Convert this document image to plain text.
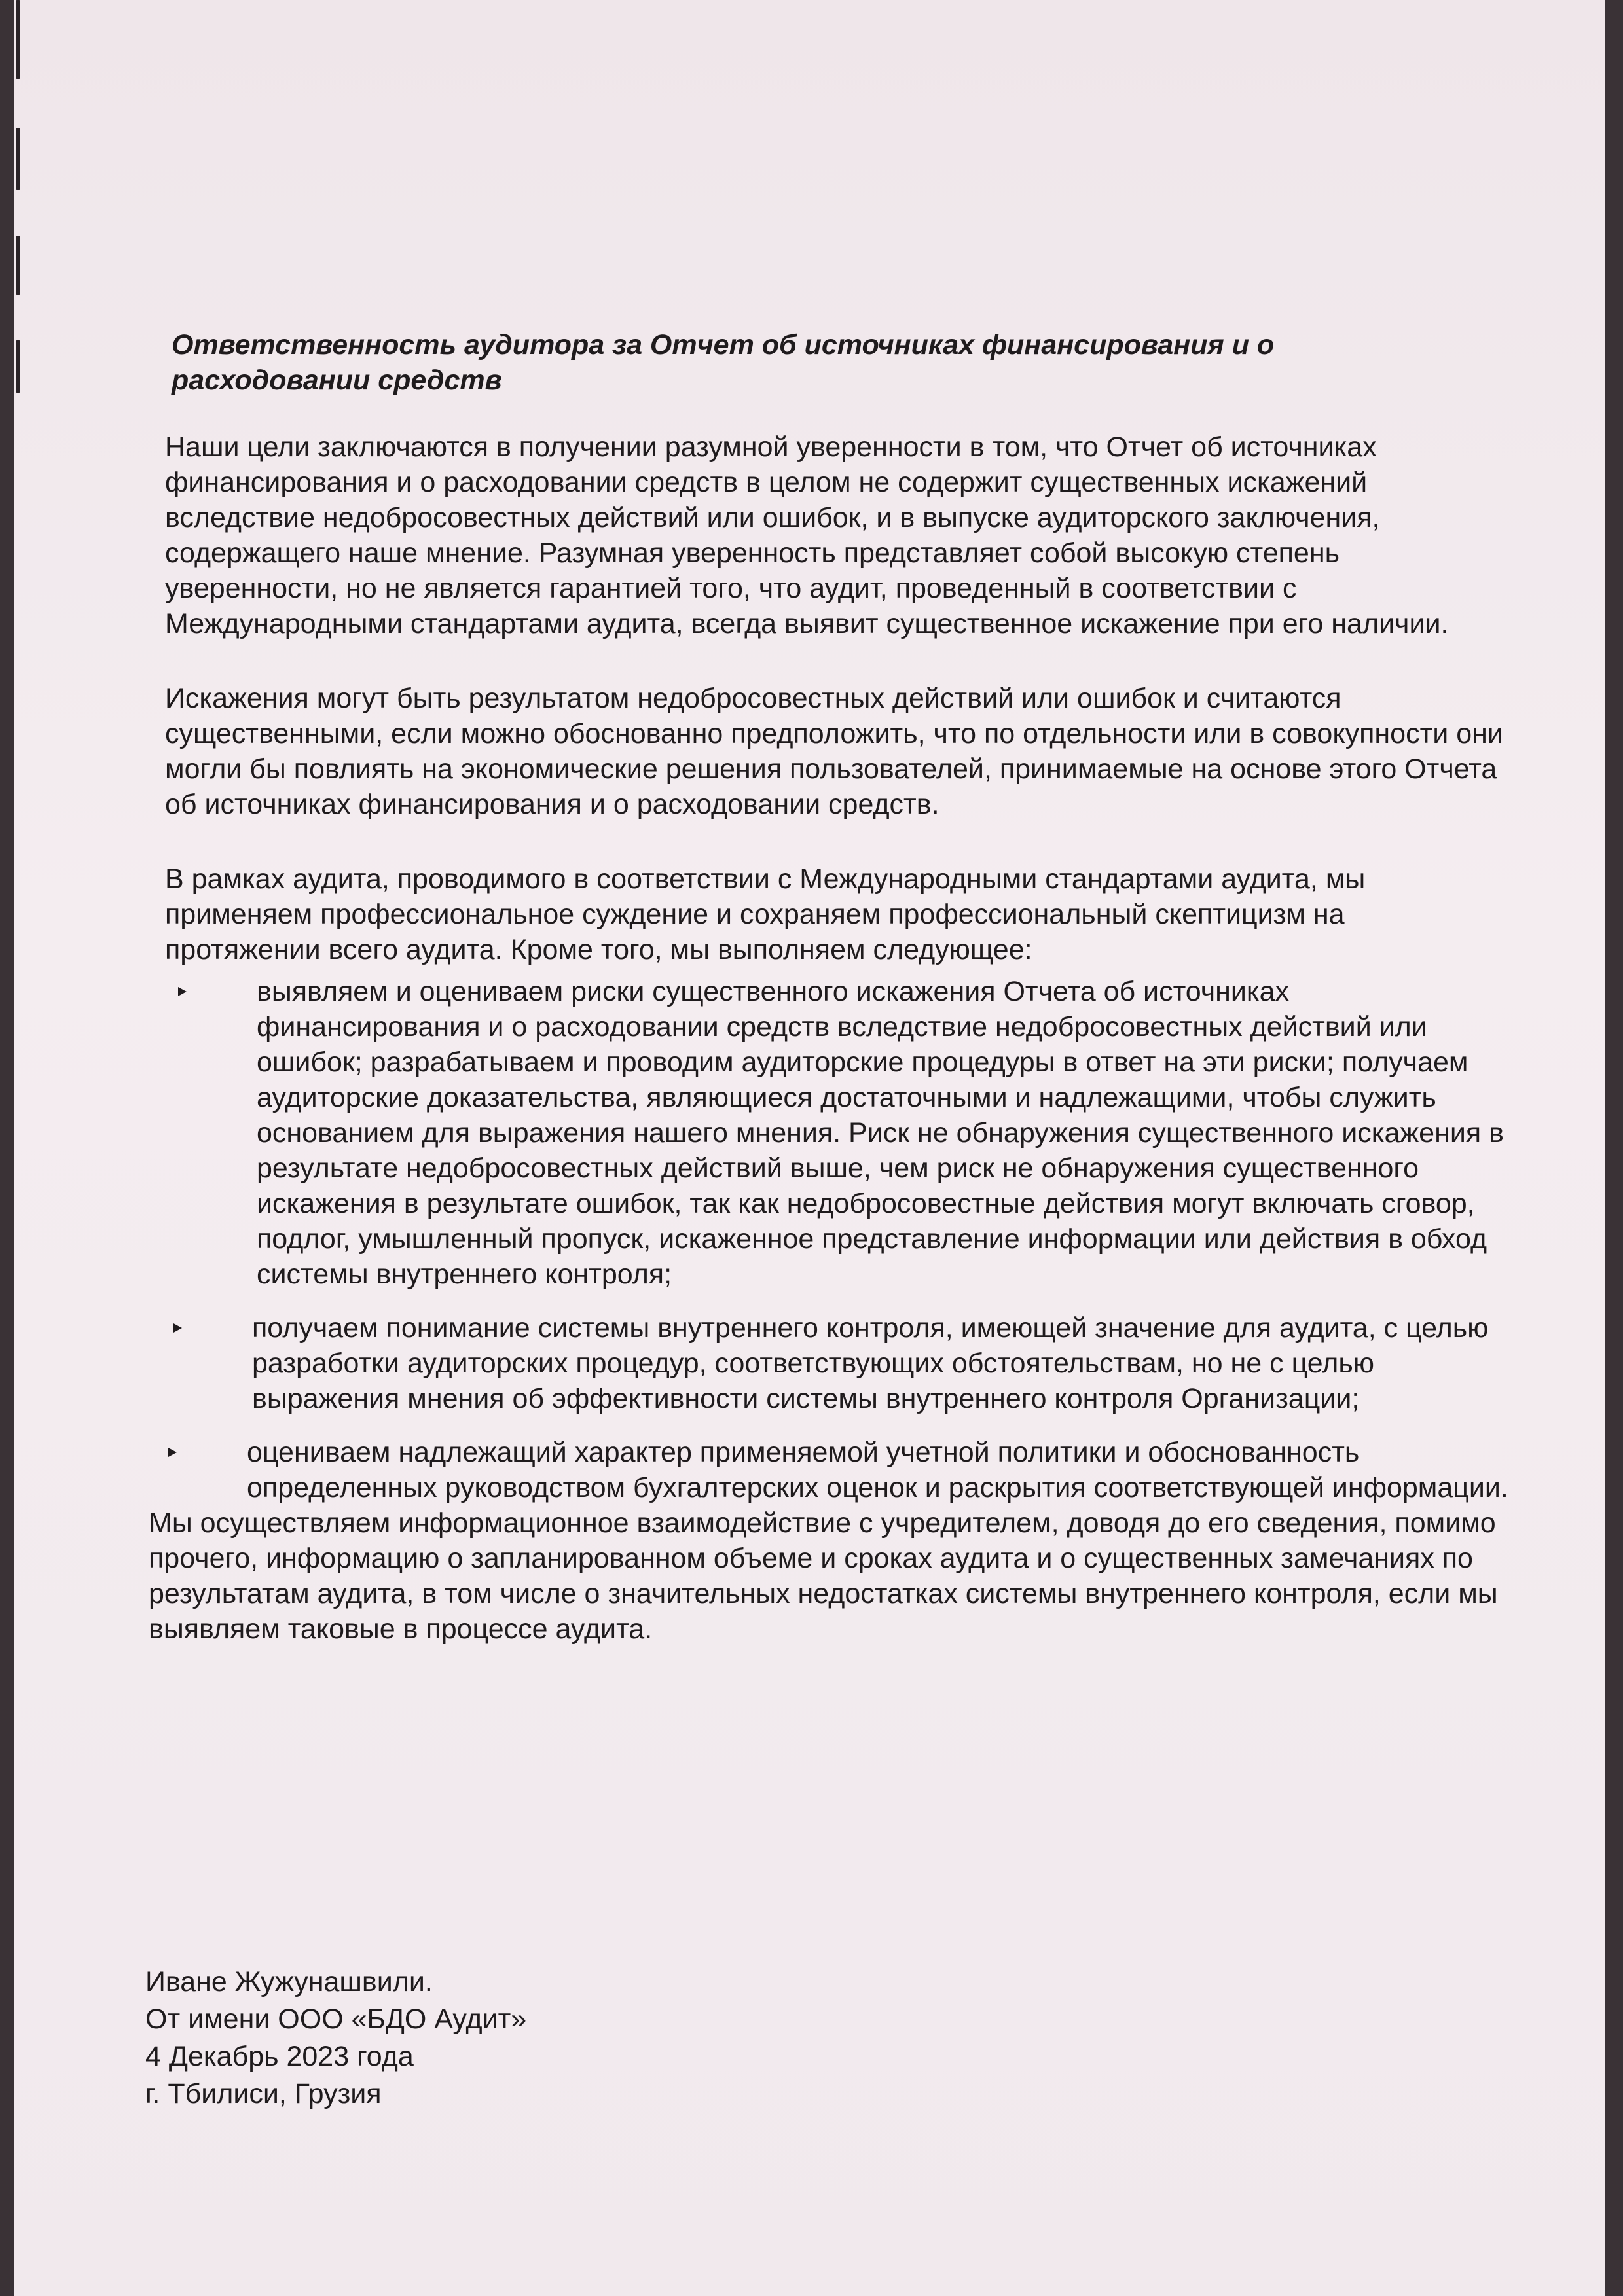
Ответственность аудитора за Отчет об источниках финансирования и о расходовании средств

Наши цели заключаются в получении разумной уверенности в том, что Отчет об источниках финансирования и о расходовании средств в целом не содержит существенных искажений вследствие недобросовестных действий или ошибок, и в выпуске аудиторского заключения, содержащего наше мнение. Разумная уверенность представляет собой высокую степень уверенности, но не является гарантией того, что аудит, проведенный в соответствии с Международными стандартами аудита, всегда выявит существенное искажение при его наличии.

Искажения могут быть результатом недобросовестных действий или ошибок и считаются существенными, если можно обоснованно предположить, что по отдельности или в совокупности они могли бы повлиять на экономические решения пользователей, принимаемые на основе этого Отчета об источниках финансирования и о расходовании средств.

В рамках аудита, проводимого в соответствии с Международными стандартами аудита, мы применяем профессиональное суждение и сохраняем профессиональный скептицизм на протяжении всего аудита. Кроме того, мы выполняем следующее:

выявляем и оцениваем риски существенного искажения Отчета об источниках финансирования и о расходовании средств вследствие недобросовестных действий или ошибок; разрабатываем и проводим аудиторские процедуры в ответ на эти риски; получаем аудиторские доказательства, являющиеся достаточными и надлежащими, чтобы служить основанием для выражения нашего мнения. Риск не обнаружения существенного искажения в результате недобросовестных действий выше, чем риск не обнаружения существенного искажения в результате ошибок, так как недобросовестные действия могут включать сговор, подлог, умышленный пропуск, искаженное представление информации или действия в обход системы внутреннего контроля;
получаем понимание системы внутреннего контроля, имеющей значение для аудита, с целью разработки аудиторских процедур, соответствующих обстоятельствам, но не с целью выражения мнения об эффективности системы внутреннего контроля Организации;
оцениваем надлежащий характер применяемой учетной политики и обоснованность определенных руководством бухгалтерских оценок и раскрытия соответствующей информации.

Мы осуществляем информационное взаимодействие с учредителем, доводя до его сведения, помимо прочего, информацию о запланированном объеме и сроках аудита и о существенных замечаниях по результатам аудита, в том числе о значительных недостатках системы внутреннего контроля, если мы выявляем таковые в процессе аудита.

Иване Жужунашвили.
От имени ООО «БДО Аудит»
4 Декабрь 2023 года
г. Тбилиси, Грузия
